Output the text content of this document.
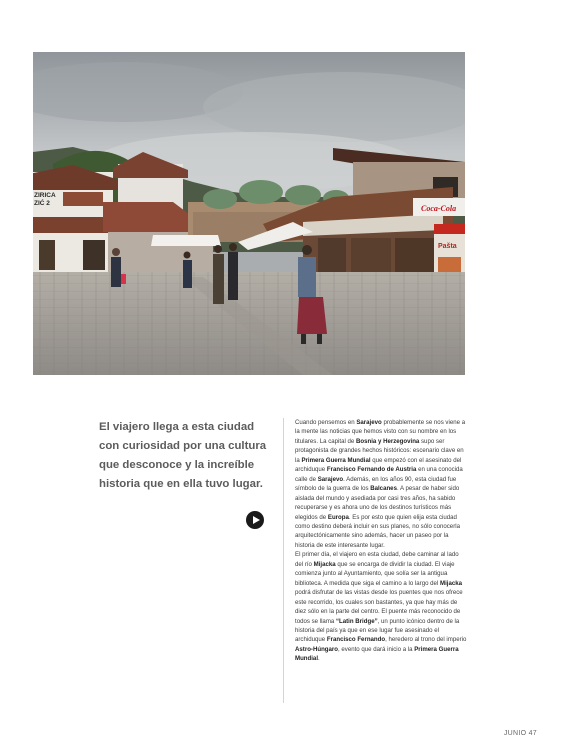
ZIRICA
ZIĆ 2
Coca-Cola
Pašta

El viajero llega a esta ciudad con curiosidad por una cultura que desconoce y la increíble historia que en ella tuvo lugar.

Cuando pensemos en Sarajevo probablemente se nos viene a la mente las noticias que hemos visto con su nombre en los titulares. La capital de Bosnia y Herzegovina supo ser protagonista de grandes hechos históricos: escenario clave en la Primera Guerra Mundial que empezó con el asesinato del archiduque Francisco Fernando de Austria en una conocida calle de Sarajevo. Además, en los años 90, esta ciudad fue símbolo de la guerra de los Balcanes. A pesar de haber sido aislada del mundo y asediada por casi tres años, ha sabido recuperarse y es ahora uno de los destinos turísticos más elegidos de Europa. Es por esto que quien elija esta ciudad como destino deberá incluir en sus planes, no sólo conocerla arquitectónicamente sino además, hacer un paseo por la historia de este interesante lugar.

El primer día, el viajero en esta ciudad, debe caminar al lado del río Mijacka que se encarga de dividir la ciudad. El viaje comienza junto al Ayuntamiento, que solía ser la antigua biblioteca. A medida que siga el camino a lo largo del Mijacka podrá disfrutar de las vistas desde los puentes que nos ofrece este recorrido, los cuales son bastantes, ya que hay más de diez sólo en la parte del centro. El puente más reconocido de todos se llama “Latin Bridge”, un punto icónico dentro de la historia del país ya que en ese lugar fue asesinado el archiduque Francisco Fernando, heredero al trono del imperio Astro-Húngaro, evento que dará inicio a la Primera Guerra Mundial.

JUNIO 47
